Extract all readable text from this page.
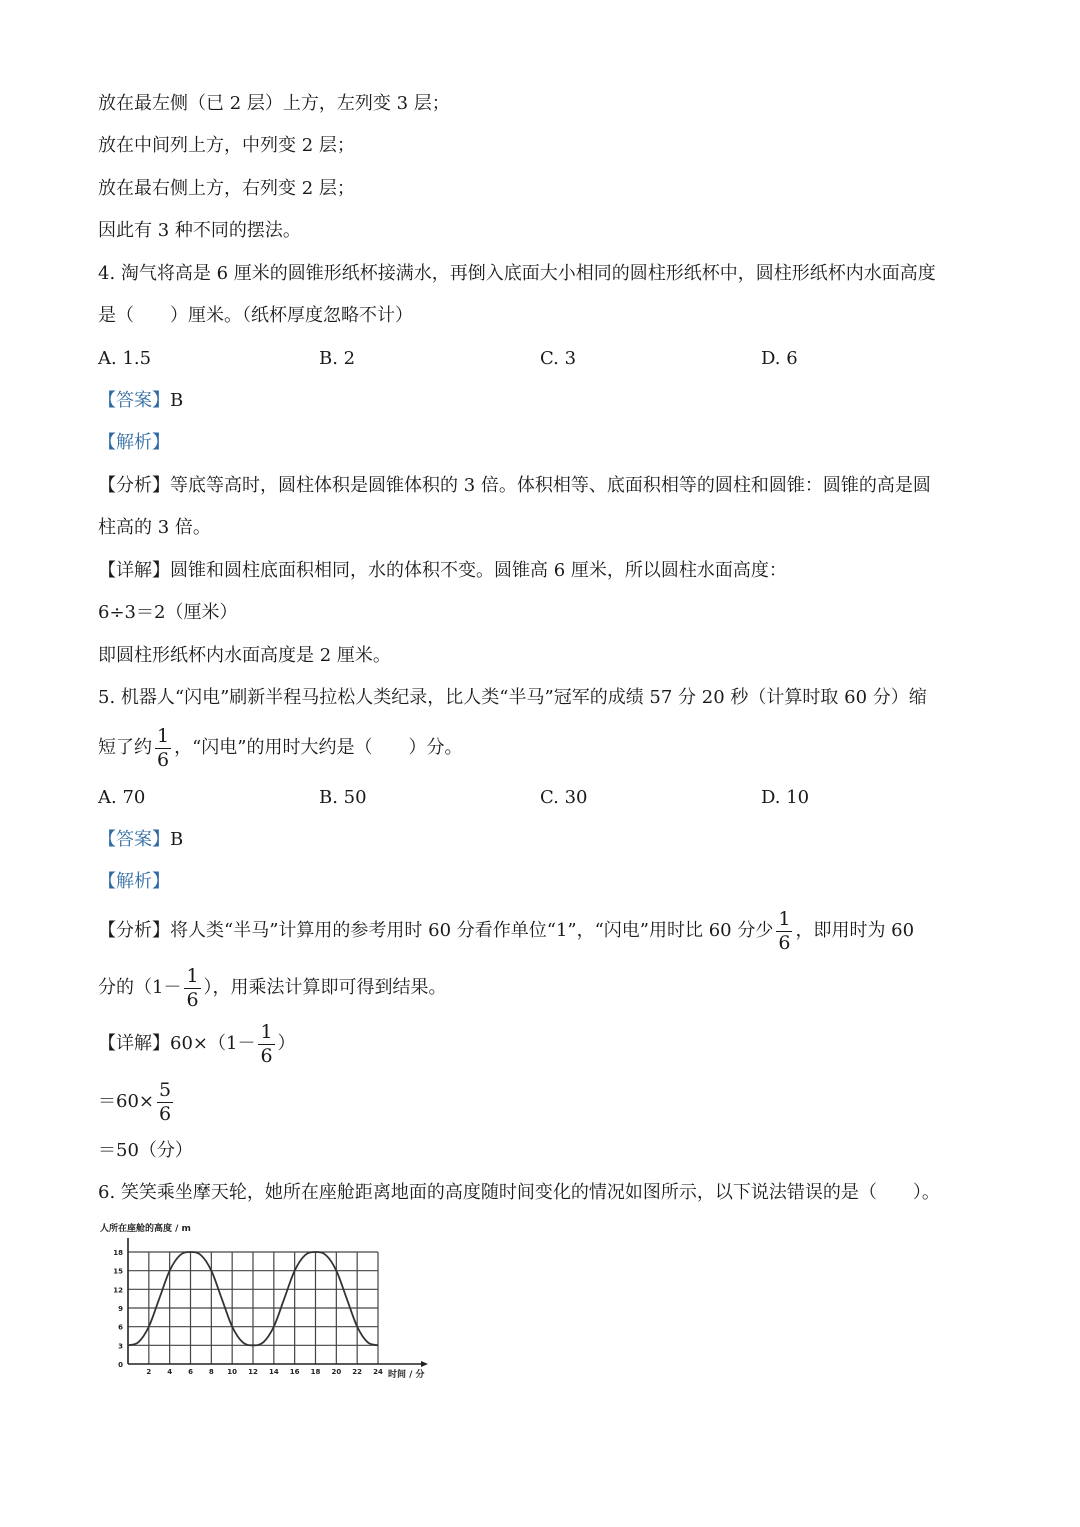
放在最左侧（已 2 层）上方，左列变 3 层；
放在中间列上方，中列变 2 层；
放在最右侧上方，右列变 2 层；
因此有 3 种不同的摆法。
4. 淘气将高是 6 厘米的圆锥形纸杯接满水，再倒入底面大小相同的圆柱形纸杯中，圆柱形纸杯内水面高度
是（　　）厘米。（纸杯厚度忽略不计）
A. 1.5	B. 2	C. 3	D. 6
【答案】B
【解析】
【分析】等底等高时，圆柱体积是圆锥体积的 3 倍。体积相等、底面积相等的圆柱和圆锥：圆锥的高是圆
柱高的 3 倍。
【详解】圆锥和圆柱底面积相同，水的体积不变。圆锥高 6 厘米，所以圆柱水面高度：
6÷3＝2（厘米）
即圆柱形纸杯内水面高度是 2 厘米。
5. 机器人“闪电”刷新半程马拉松人类纪录，比人类“半马”冠军的成绩 57 分 20 秒（计算时取 60 分）缩
短了约 $\frac{1}{6}$ ，“闪电”的用时大约是（　　）分。
A. 70	B. 50	C. 30	D. 10
【答案】B
【解析】
【分析】将人类“半马”计算用的参考用时 60 分看作单位“1”，“闪电”用时比 60 分少 $\frac{1}{6}$ ，即用时为 60
分的（$1- \frac{1}{6}$ ），用乘法计算即可得到结果。
【详解】$60\times(1- \frac{1}{6}$ ）
$=60\times \frac{5}{6}$
＝50（分）
6. 笑笑乘坐摩天轮，她所在座舱距离地面的高度随时间变化的情况如图所示，以下说法错误的是（　　）。
人所在座舱的高度 / m
0
3
6
9
12
15
18
2 4 6 8 10 12 14 16 18 20 22 24 时间 / 分
